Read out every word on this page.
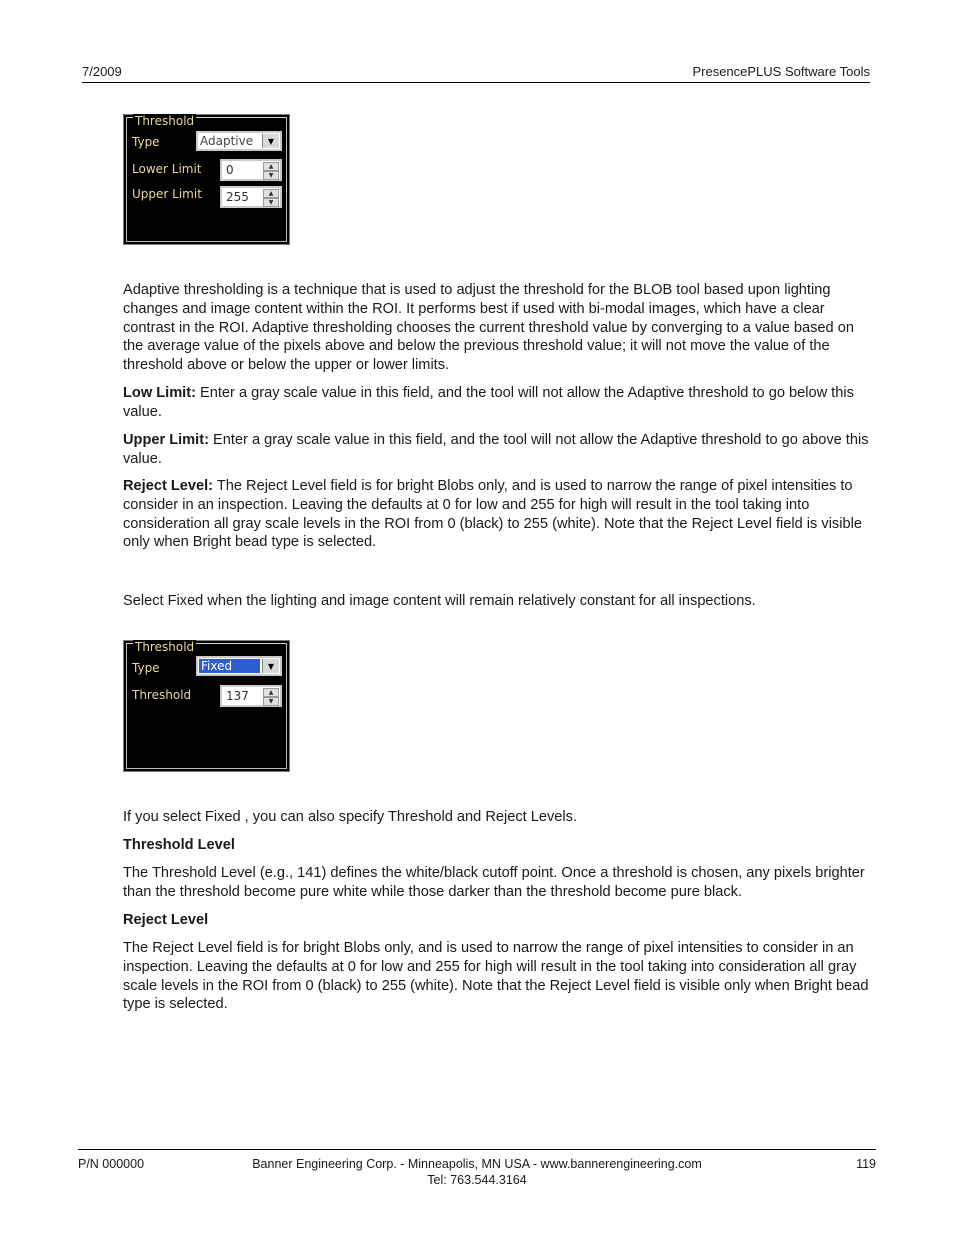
7/2009	PresencePLUS Software Tools
Threshold
Type	Adaptive	▼
Lower Limit 0	▲
▼
Upper Limit 255	▲
▼

Adaptive thresholding is a technique that is used to adjust the threshold for the BLOB tool based upon lighting changes and image content within the ROI. It performs best if used with bi-modal images, which have a clear contrast in the ROI. Adaptive thresholding chooses the current threshold value by converging to a value based on the average value of the pixels above and below the previous threshold value; it will not move the value of the threshold above or below the upper or lower limits.

Low Limit: Enter a gray scale value in this field, and the tool will not allow the Adaptive threshold to go below this value.

Upper Limit: Enter a gray scale value in this field, and the tool will not allow the Adaptive threshold to go above this value.

Reject Level: The Reject Level field is for bright Blobs only, and is used to narrow the range of pixel intensities to consider in an inspection. Leaving the defaults at 0 for low and 255 for high will result in the tool taking into consideration all gray scale levels in the ROI from 0 (black) to 255 (white). Note that the Reject Level field is visible only when Bright bead type is selected.

Select Fixed when the lighting and image content will remain relatively constant for all inspections.

Threshold
Type	Fixed	▼
Threshold	137	▲
▼

If you select Fixed , you can also specify Threshold and Reject Levels.

Threshold Level

The Threshold Level (e.g., 141) defines the white/black cutoff point. Once a threshold is chosen, any pixels brighter than the threshold become pure white while those darker than the threshold become pure black.

Reject Level

The Reject Level field is for bright Blobs only, and is used to narrow the range of pixel intensities to consider in an inspection. Leaving the defaults at 0 for low and 255 for high will result in the tool taking into consideration all gray scale levels in the ROI from 0 (black) to 255 (white). Note that the Reject Level field is visible only when Bright bead type is selected.

P/N 000000	Banner Engineering Corp. - Minneapolis, MN USA - www.bannerengineering.com
Tel: 763.544.3164
119
